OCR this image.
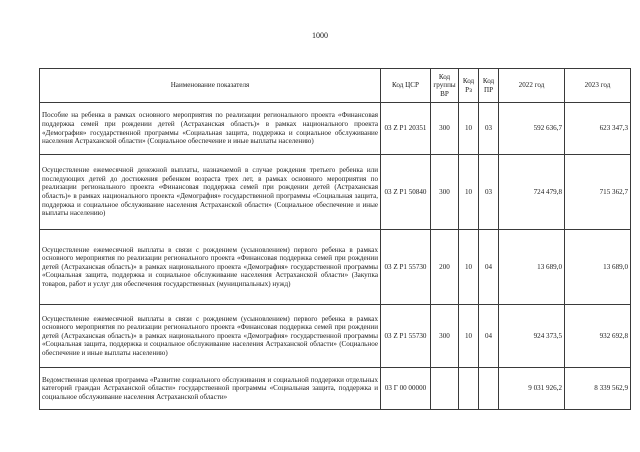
1000
Наименование показателя	Код ЦСР	Код группы ВР	Код Рз	Код ПР	2022 год	2023 год
Пособие на ребенка в рамках основного мероприятия по реализации регионального проекта «Финансовая поддержка семей при рождении детей (Астраханская область)» в рамках национального проекта «Демография» государственной программы «Социальная защита, поддержка и социальное обслуживание населения Астраханской области» (Социальное обеспечение и иные выплаты населению)	03 Z P1 20351	300	10	03	592 636,7	623 347,3
Осуществление ежемесячной денежной выплаты, назначаемой в случае рождения третьего ребенка или последующих детей до достижения ребенком возраста трех лет, в рамках основного мероприятия по реализации регионального проекта «Финансовая поддержка семей при рождении детей (Астраханская область)» в рамках национального проекта «Демография» государственной программы «Социальная защита, поддержка и социальное обслуживание населения Астраханской области» (Социальное обеспечение и иные выплаты населению)	03 Z P1 50840	300	10	03	724 479,8	715 362,7
Осуществление ежемесячной выплаты в связи с рождением (усыновлением) первого ребенка в рамках основного мероприятия по реализации регионального проекта «Финансовая поддержка семей при рождении детей (Астраханская область)» в рамках национального проекта «Демография» государственной программы «Социальная защита, поддержка и социальное обслуживание населения Астраханской области» (Закупка товаров, работ и услуг для обеспечения государственных (муниципальных) нужд)	03 Z P1 55730	200	10	04	13 689,0	13 689,0
Осуществление ежемесячной выплаты в связи с рождением (усыновлением) первого ребенка в рамках основного мероприятия по реализации регионального проекта «Финансовая поддержка семей при рождении детей (Астраханская область)» в рамках национального проекта «Демография» государственной программы «Социальная защита, поддержка и социальное обслуживание населения Астраханской области» (Социальное обеспечение и иные выплаты населению)	03 Z P1 55730	300	10	04	924 373,5	932 692,8
Ведомственная целевая программа «Развитие социального обслуживания и социальной поддержки отдельных категорий граждан Астраханской области» государственной программы «Социальная защита, поддержка и социальное обслуживание населения Астраханской области»	03 Г 00 00000				9 031 926,2	8 339 562,9
